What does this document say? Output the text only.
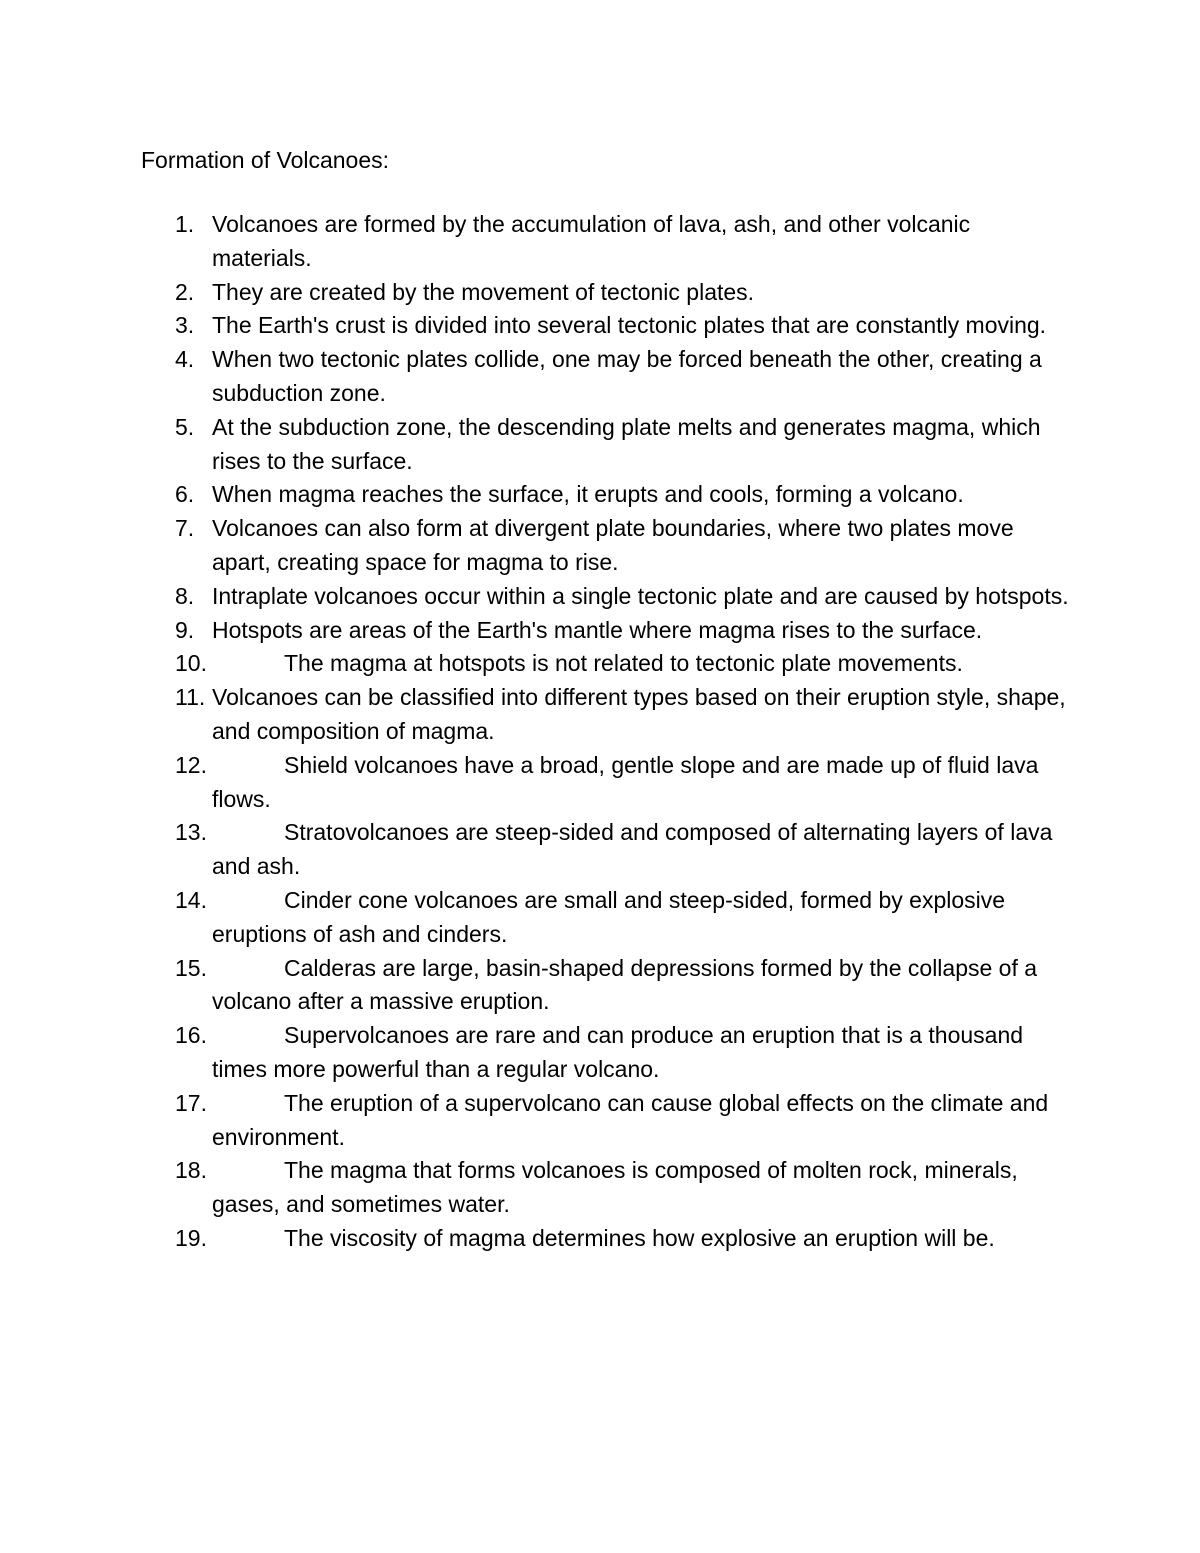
Formation of Volcanoes:
1. Volcanoes are formed by the accumulation of lava, ash, and other volcanic materials.
2. They are created by the movement of tectonic plates.
3. The Earth's crust is divided into several tectonic plates that are constantly moving.
4. When two tectonic plates collide, one may be forced beneath the other, creating a subduction zone.
5. At the subduction zone, the descending plate melts and generates magma, which rises to the surface.
6. When magma reaches the surface, it erupts and cools, forming a volcano.
7. Volcanoes can also form at divergent plate boundaries, where two plates move apart, creating space for magma to rise.
8. Intraplate volcanoes occur within a single tectonic plate and are caused by hotspots.
9. Hotspots are areas of the Earth's mantle where magma rises to the surface.
10.	The magma at hotspots is not related to tectonic plate movements.
11. Volcanoes can be classified into different types based on their eruption style, shape, and composition of magma.
12.	Shield volcanoes have a broad, gentle slope and are made up of fluid lava flows.
13.	Stratovolcanoes are steep-sided and composed of alternating layers of lava and ash.
14.	Cinder cone volcanoes are small and steep-sided, formed by explosive eruptions of ash and cinders.
15.	Calderas are large, basin-shaped depressions formed by the collapse of a volcano after a massive eruption.
16.	Supervolcanoes are rare and can produce an eruption that is a thousand times more powerful than a regular volcano.
17.	The eruption of a supervolcano can cause global effects on the climate and environment.
18.	The magma that forms volcanoes is composed of molten rock, minerals, gases, and sometimes water.
19.	The viscosity of magma determines how explosive an eruption will be.
